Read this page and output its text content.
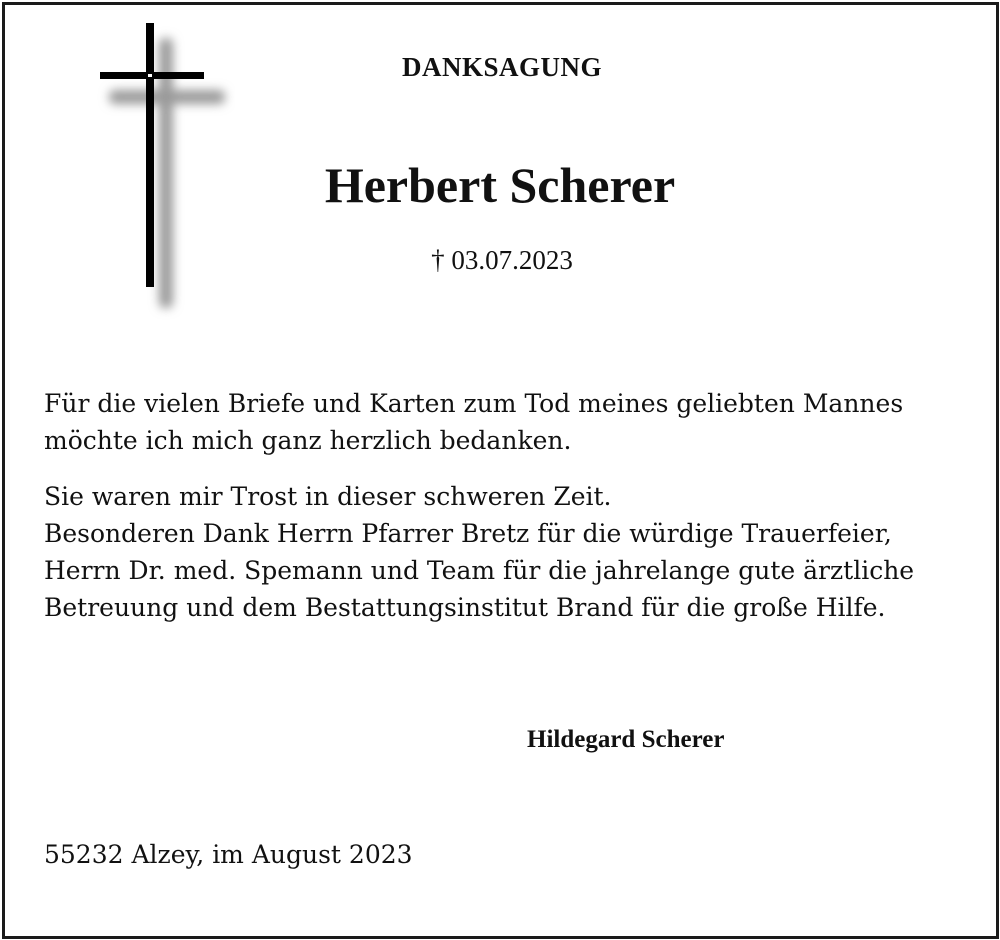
DANKSAGUNG
Herbert Scherer
† 03.07.2023
Für die vielen Briefe und Karten zum Tod meines geliebten Mannes
möchte ich mich ganz herzlich bedanken.
Sie waren mir Trost in dieser schweren Zeit.
Besonderen Dank Herrn Pfarrer Bretz für die würdige Trauerfeier,
Herrn Dr. med. Spemann und Team für die jahrelange gute ärztliche
Betreuung und dem Bestattungsinstitut Brand für die große Hilfe.
Hildegard Scherer
55232 Alzey, im August 2023
